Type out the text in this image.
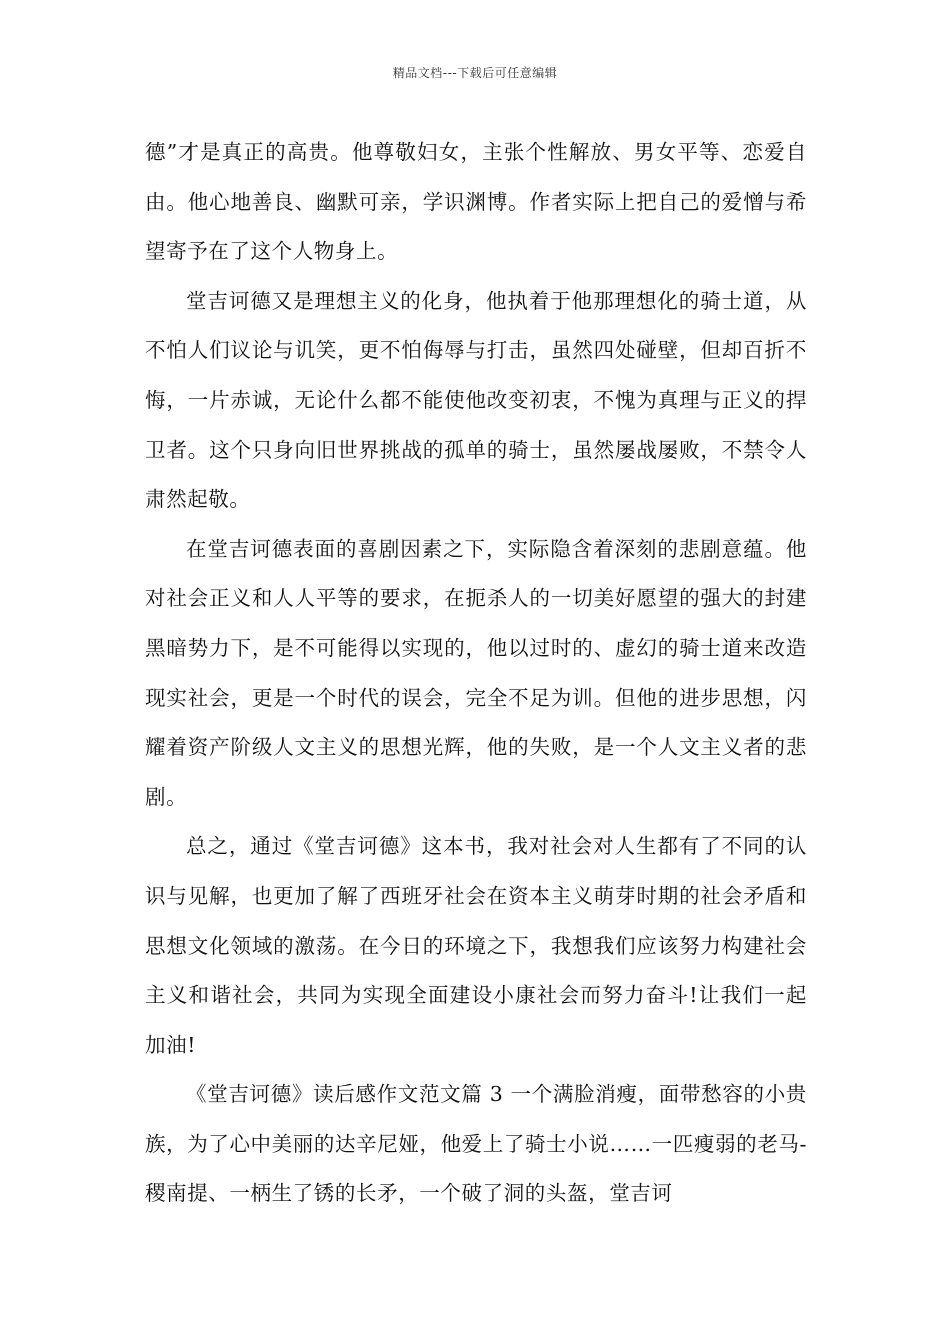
精品文档---下载后可任意编辑

德”才是真正的高贵。他尊敬妇女，主张个性解放、男女平等、恋爱自由。他心地善良、幽默可亲，学识渊博。作者实际上把自己的爱憎与希望寄予在了这个人物身上。

堂吉诃德又是理想主义的化身，他执着于他那理想化的骑士道，从不怕人们议论与讥笑，更不怕侮辱与打击，虽然四处碰壁，但却百折不悔，一片赤诚，无论什么都不能使他改变初衷，不愧为真理与正义的捍卫者。这个只身向旧世界挑战的孤单的骑士，虽然屡战屡败，不禁令人肃然起敬。

在堂吉诃德表面的喜剧因素之下，实际隐含着深刻的悲剧意蕴。他对社会正义和人人平等的要求，在扼杀人的一切美好愿望的强大的封建黑暗势力下，是不可能得以实现的，他以过时的、虚幻的骑士道来改造现实社会，更是一个时代的误会，完全不足为训。但他的进步思想，闪耀着资产阶级人文主义的思想光辉，他的失败，是一个人文主义者的悲剧。

总之，通过《堂吉诃德》这本书，我对社会对人生都有了不同的认识与见解，也更加了解了西班牙社会在资本主义萌芽时期的社会矛盾和思想文化领域的激荡。在今日的环境之下，我想我们应该努力构建社会主义和谐社会，共同为实现全面建设小康社会而努力奋斗!让我们一起加油!

《堂吉诃德》读后感作文范文篇 3 一个满脸消瘦，面带愁容的小贵族，为了心中美丽的达辛尼娅，他爱上了骑士小说……一匹瘦弱的老马-稷南提、一柄生了锈的长矛，一个破了洞的头盔，堂吉诃
